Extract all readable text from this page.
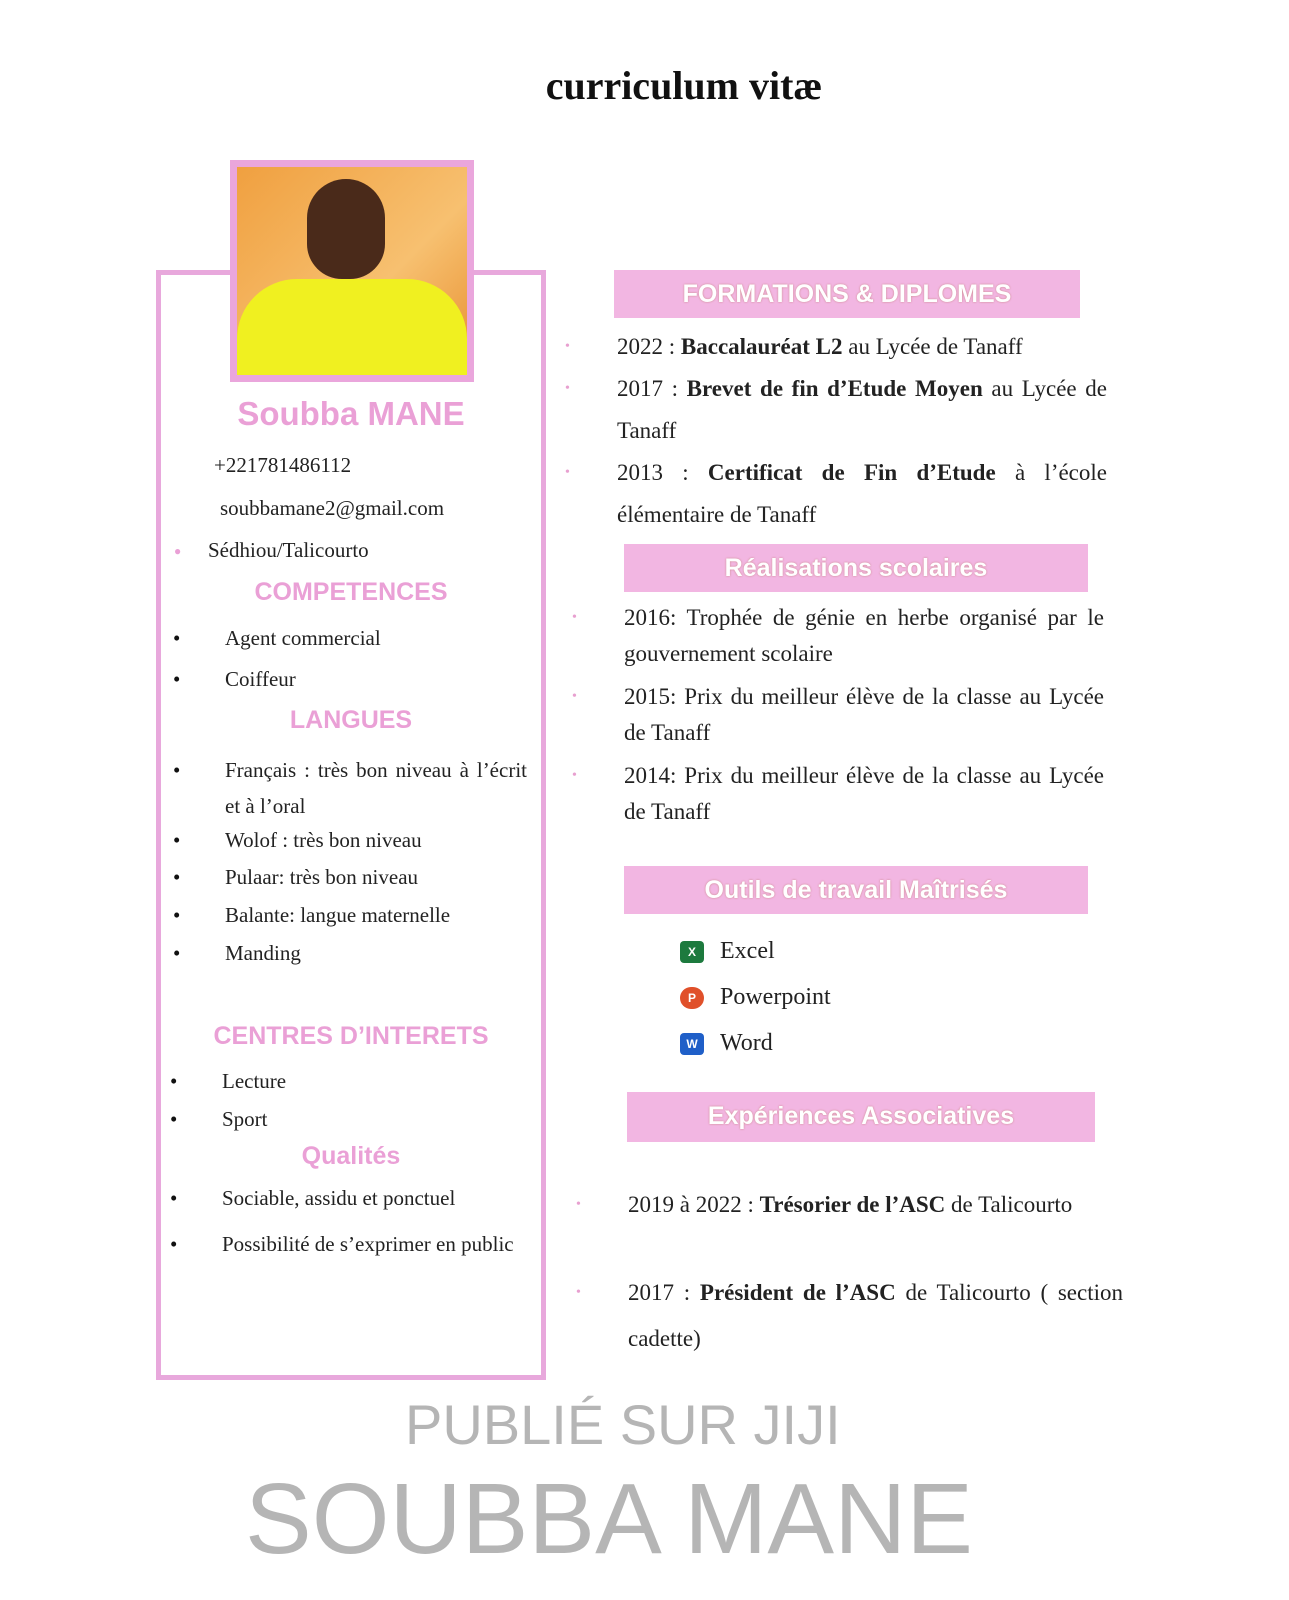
curriculum vitæ
Soubba MANE
+221781486112
soubbamane2@gmail.com
● Sédhiou/Talicourto
COMPETENCES
• Agent commercial
• Coiffeur
LANGUES
• Français : très bon niveau à l’écrit et à l’oral
• Wolof : très bon niveau
• Pulaar: très bon niveau
• Balante: langue maternelle
• Manding
CENTRES D’INTERETS
• Lecture
• Sport
Qualités
• Sociable, assidu et ponctuel
• Possibilité de s’exprimer en public
FORMATIONS & DIPLOMES
• 2022 : Baccalauréat L2 au Lycée de Tanaff
• 2017 : Brevet de fin d’Etude Moyen au Lycée de Tanaff
• 2013 : Certificat de Fin d’Etude à l’école élémentaire de Tanaff
Réalisations scolaires
• 2016: Trophée de génie en herbe organisé par le gouvernement scolaire
• 2015: Prix du meilleur élève de la classe au Lycée de Tanaff
• 2014: Prix du meilleur élève de la classe au Lycée de Tanaff
Outils de travail Maîtrisés
X Excel
P Powerpoint
W Word
Expériences Associatives
• 2019 à 2022 : Trésorier de l’ASC de Talicourto
• 2017 : Président de l’ASC de Talicourto ( section cadette)
PUBLIÉ SUR JIJI
SOUBBA MANE
